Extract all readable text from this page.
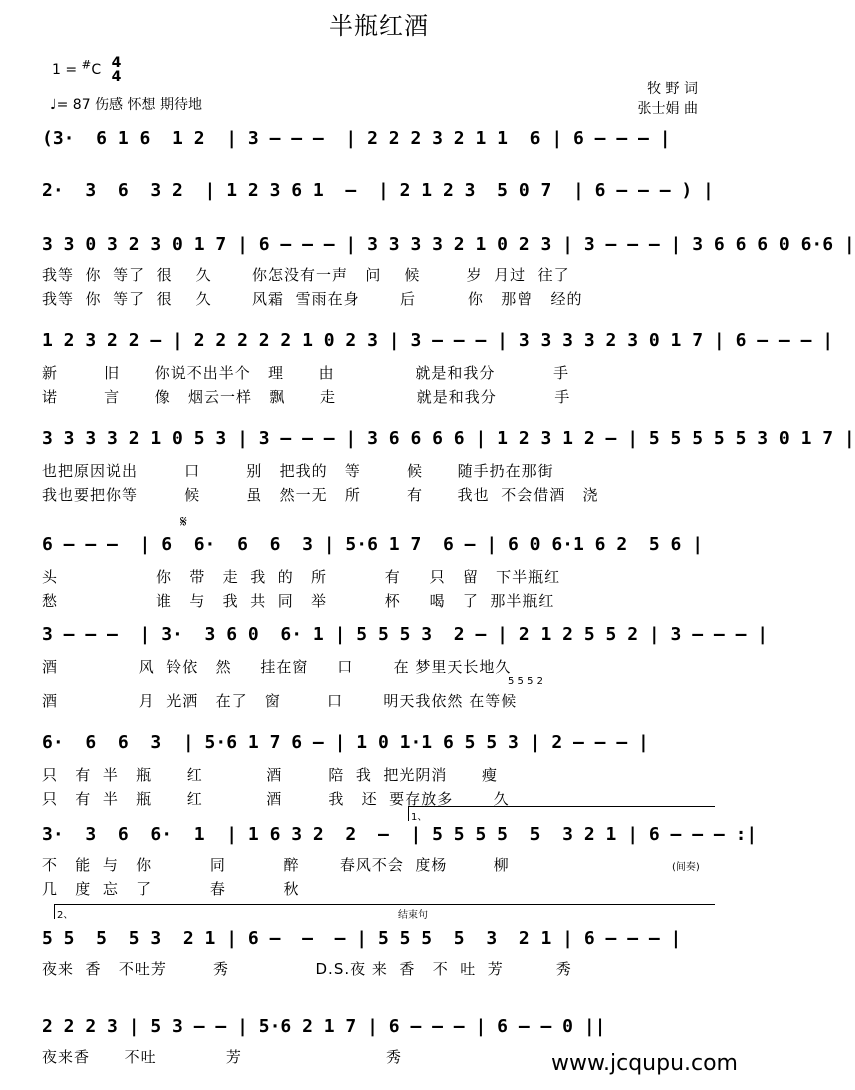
半瓶红酒
1 = #C 4
4
♩= 87 伤感 怀想 期待地
牧 野 词
张士娟 曲
(3·  6 1 6  1 2  | 3 – – –  | 2 2 2 3 2 1 1  6 | 6 – – – |
2·  3  6  3 2  | 1 2 3 6 1  –  | 2 1 2 3  5 0 7  | 6 – – – ) |
3 3 0 3 2 3 0 1 7 | 6 – – – | 3 3 3 3 2 1 0 2 3 | 3 – – – | 3 6 6 6 0 6·6 |
1 2 3 2 2 – | 2 2 2 2 2 1 0 2 3 | 3 – – – | 3 3 3 3 2 3 0 1 7 | 6 – – – |
3 3 3 3 2 1 0 5 3 | 3 – – – | 3 6 6 6 6 | 1 2 3 1 2 – | 5 5 5 5 5 3 0 1 7 |
𝄋
6 – – –  | 6  6·  6  6  3 | 5·6 1 7  6 – | 6 0 6·1 6 2  5 6 |
3 – – –  | 3·  3 6 0  6· 1 | 5 5 5 3  2 – | 2 1 2 5 5 2 | 3 – – – |
5 5 5 2
6·  6  6  3  | 5·6 1 7 6 – | 1 0 1·1 6 5 5 3 | 2 – – – |
1、
3·  3  6  6·  1  | 1 6 3 2  2  –  | 5 5 5 5  5  3 2 1 | 6 – – – :|
(间奏)
2、	结束句
5 5  5  5 3  2 1 | 6 –  –  – | 5 5 5  5  3  2 1 | 6 – – – |
2 2 2 3 | 5 3 – – | 5·6 2 1 7 | 6 – – – | 6 – – 0 ||
我等  你  等了  很    久       你怎没有一声   问    候        岁  月过  往了
我等  你  等了  很    久       风霜  雪雨在身       后         你   那曾   经的
新        旧      你说不出半个   理      由              就是和我分          手
诺        言      像   烟云一样   飘      走              就是和我分          手
也把原因说出        口        别   把我的   等        候      随手扔在那街
我也要把你等        候        虽   然一无   所        有      我也  不会借酒   浇
头                 你   带   走  我  的   所          有     只   留   下半瓶红
愁                 谁   与   我  共  同   举          杯     喝   了  那半瓶红
酒              风  铃依   然     挂在窗     口       在 梦里天长地久
酒              月  光洒   在了   窗        口       明天我依然 在等候
只   有  半   瓶      红           酒        陪  我  把光阴消      瘦
只   有  半   瓶      红           酒        我   还  要存放多       久
不   能  与   你          同          醉       春风不会  度杨        柳
几   度  忘   了          春          秋
夜来  香   不吐芳        秀               D.S.夜 来  香   不  吐  芳         秀
夜来香      不吐            芳                         秀	www.jcqupu.com
